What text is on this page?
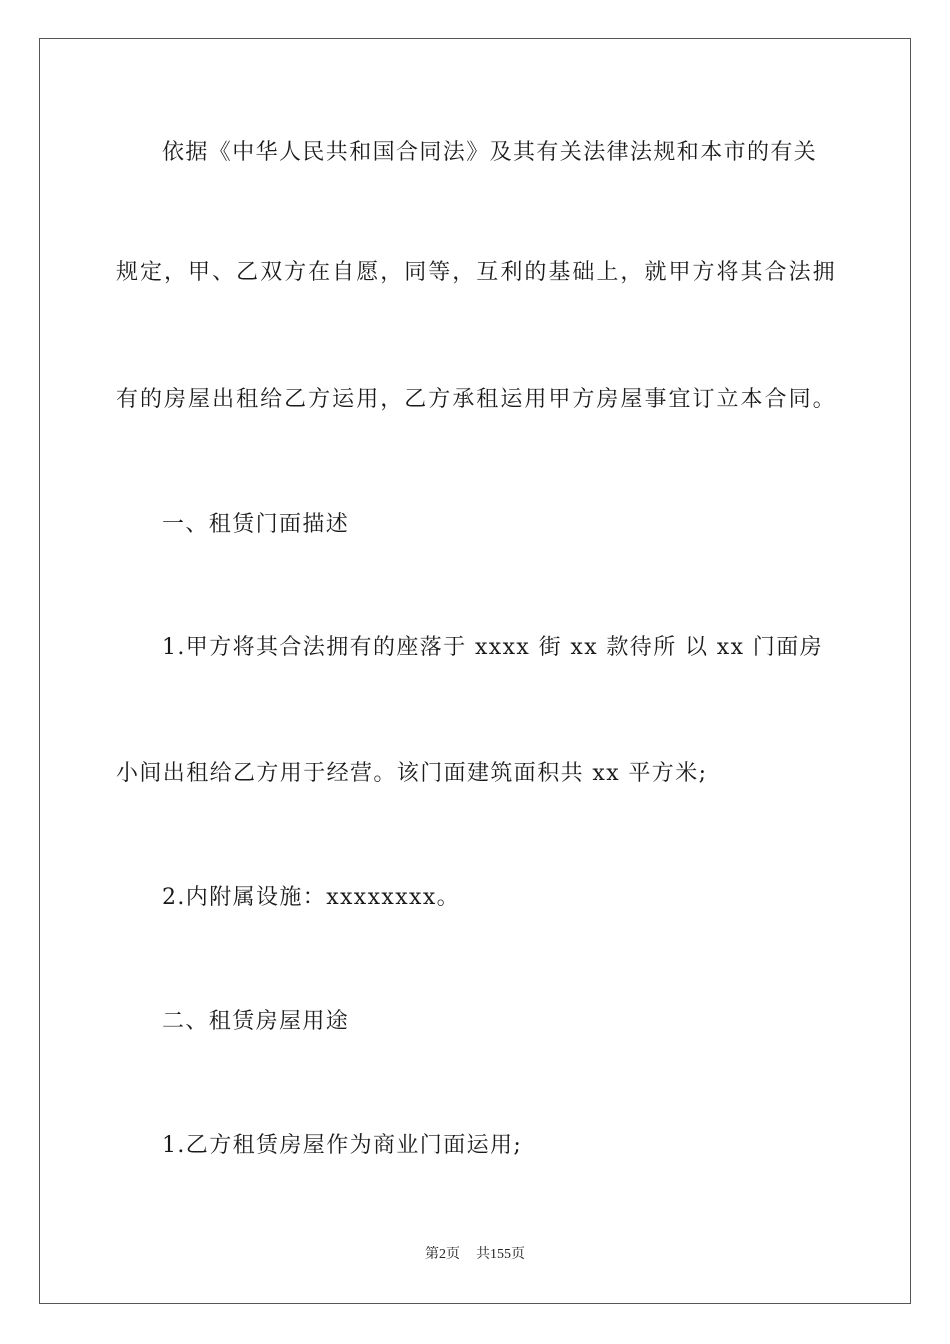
依据《中华人民共和国合同法》及其有关法律法规和本市的有关
规定，甲、乙双方在自愿，同等，互利的基础上，就甲方将其合法拥
有的房屋出租给乙方运用，乙方承租运用甲方房屋事宜订立本合同。
一、租赁门面描述
1.甲方将其合法拥有的座落于 xxxx 街 xx 款待所 以 xx 门面房
小间出租给乙方用于经营。该门面建筑面积共 xx 平方米;
2.内附属设施：xxxxxxxx。
二、租赁房屋用途
1.乙方租赁房屋作为商业门面运用;
第2页 共155页
